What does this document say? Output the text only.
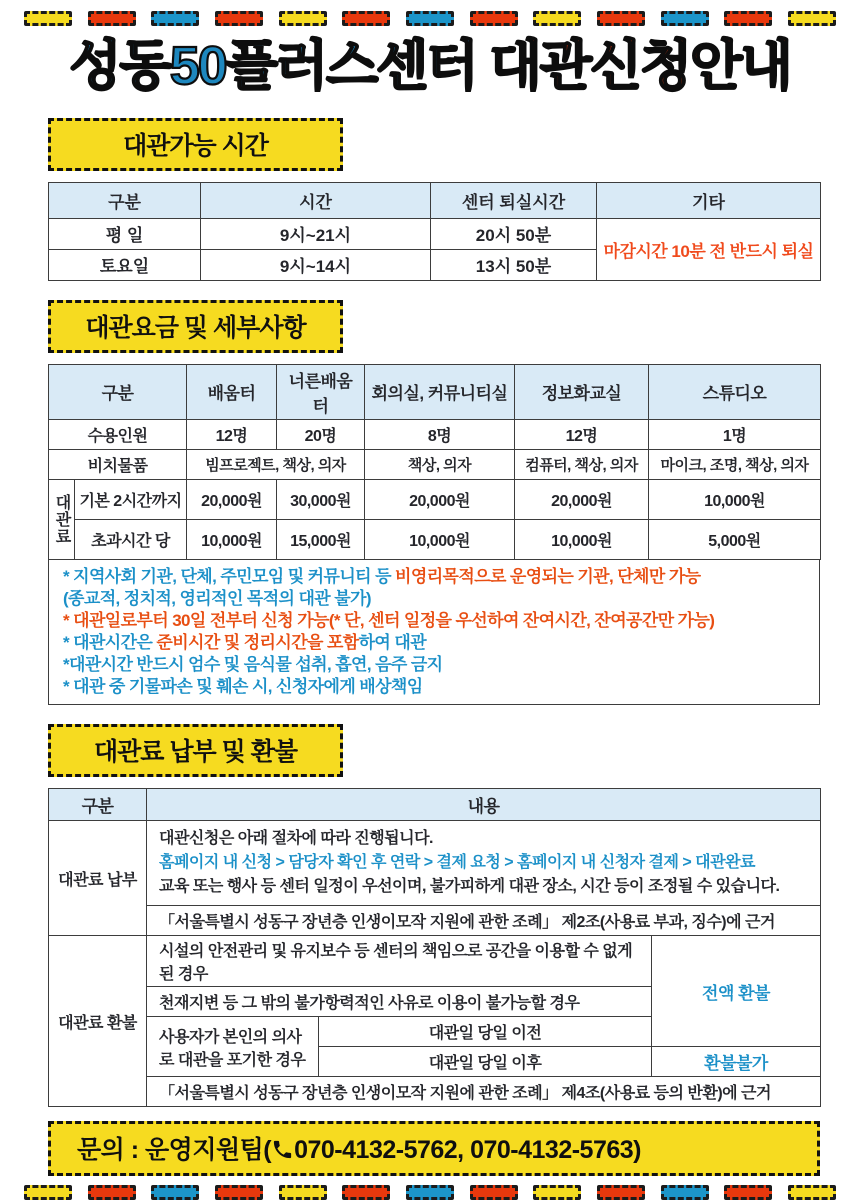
성동50플러스센터 대관신청안내
대관가능 시간
구분	시간	센터 퇴실시간	기타
평 일	9시~21시	20시 50분	마감시간 10분 전 반드시 퇴실
토요일	9시~14시	13시 50분	
대관요금 및 세부사항
구분		배움터	너른배움터	회의실, 커뮤니티실	정보화교실	스튜디오
수용인원		12명	20명	8명	12명	1명
비치물품		빔프로젝트, 책상, 의자		책상, 의자	컴퓨터, 책상, 의자	마이크, 조명, 책상, 의자
대관료	기본 2시간까지	20,000원	30,000원	20,000원	20,000원	10,000원
	초과시간 당	10,000원	15,000원	10,000원	10,000원	5,000원
* 지역사회 기관, 단체, 주민모임 및 커뮤니티 등 비영리목적으로 운영되는 기관, 단체만 가능
(종교적, 정치적, 영리적인 목적의 대관 불가)
* 대관일로부터 30일 전부터 신청 가능(* 단, 센터 일정을 우선하여 잔여시간, 잔여공간만 가능)
* 대관시간은 준비시간 및 정리시간을 포함하여 대관
*대관시간 반드시 엄수 및 음식물 섭취, 흡연, 음주 금지
* 대관 중 기물파손 및 훼손 시, 신청자에게 배상책임
대관료 납부 및 환불
구분	내용		
대관료 납부	대관신청은 아래 절차에 따라 진행됩니다.
홈페이지 내 신청 > 담당자 확인 후 연락 > 결제 요청 > 홈페이지 내 신청자 결제 > 대관완료
교육 또는 행사 등 센터 일정이 우선이며, 불가피하게 대관 장소, 시간 등이 조정될 수 있습니다.		

	「서울특별시 성동구 장년층 인생이모작 지원에 관한 조례」 제2조(사용료 부과, 징수)에 근거		
대관료 환불	시설의 안전관리 및 유지보수 등 센터의 책임으로 공간을 이용할 수 없게 된 경우		전액 환불
	천재지변 등 그 밖의 불가항력적인 사유로 이용이 불가능할 경우		
	사용자가 본인의 의사로 대관을 포기한 경우	대관일 당일 이전	
		대관일 당일 이후	환불불가
	「서울특별시 성동구 장년층 인생이모작 지원에 관한 조례」 제4조(사용료 등의 반환)에 근거		
문의 : 운영지원팀( 070-4132-5762, 070-4132-5763)
